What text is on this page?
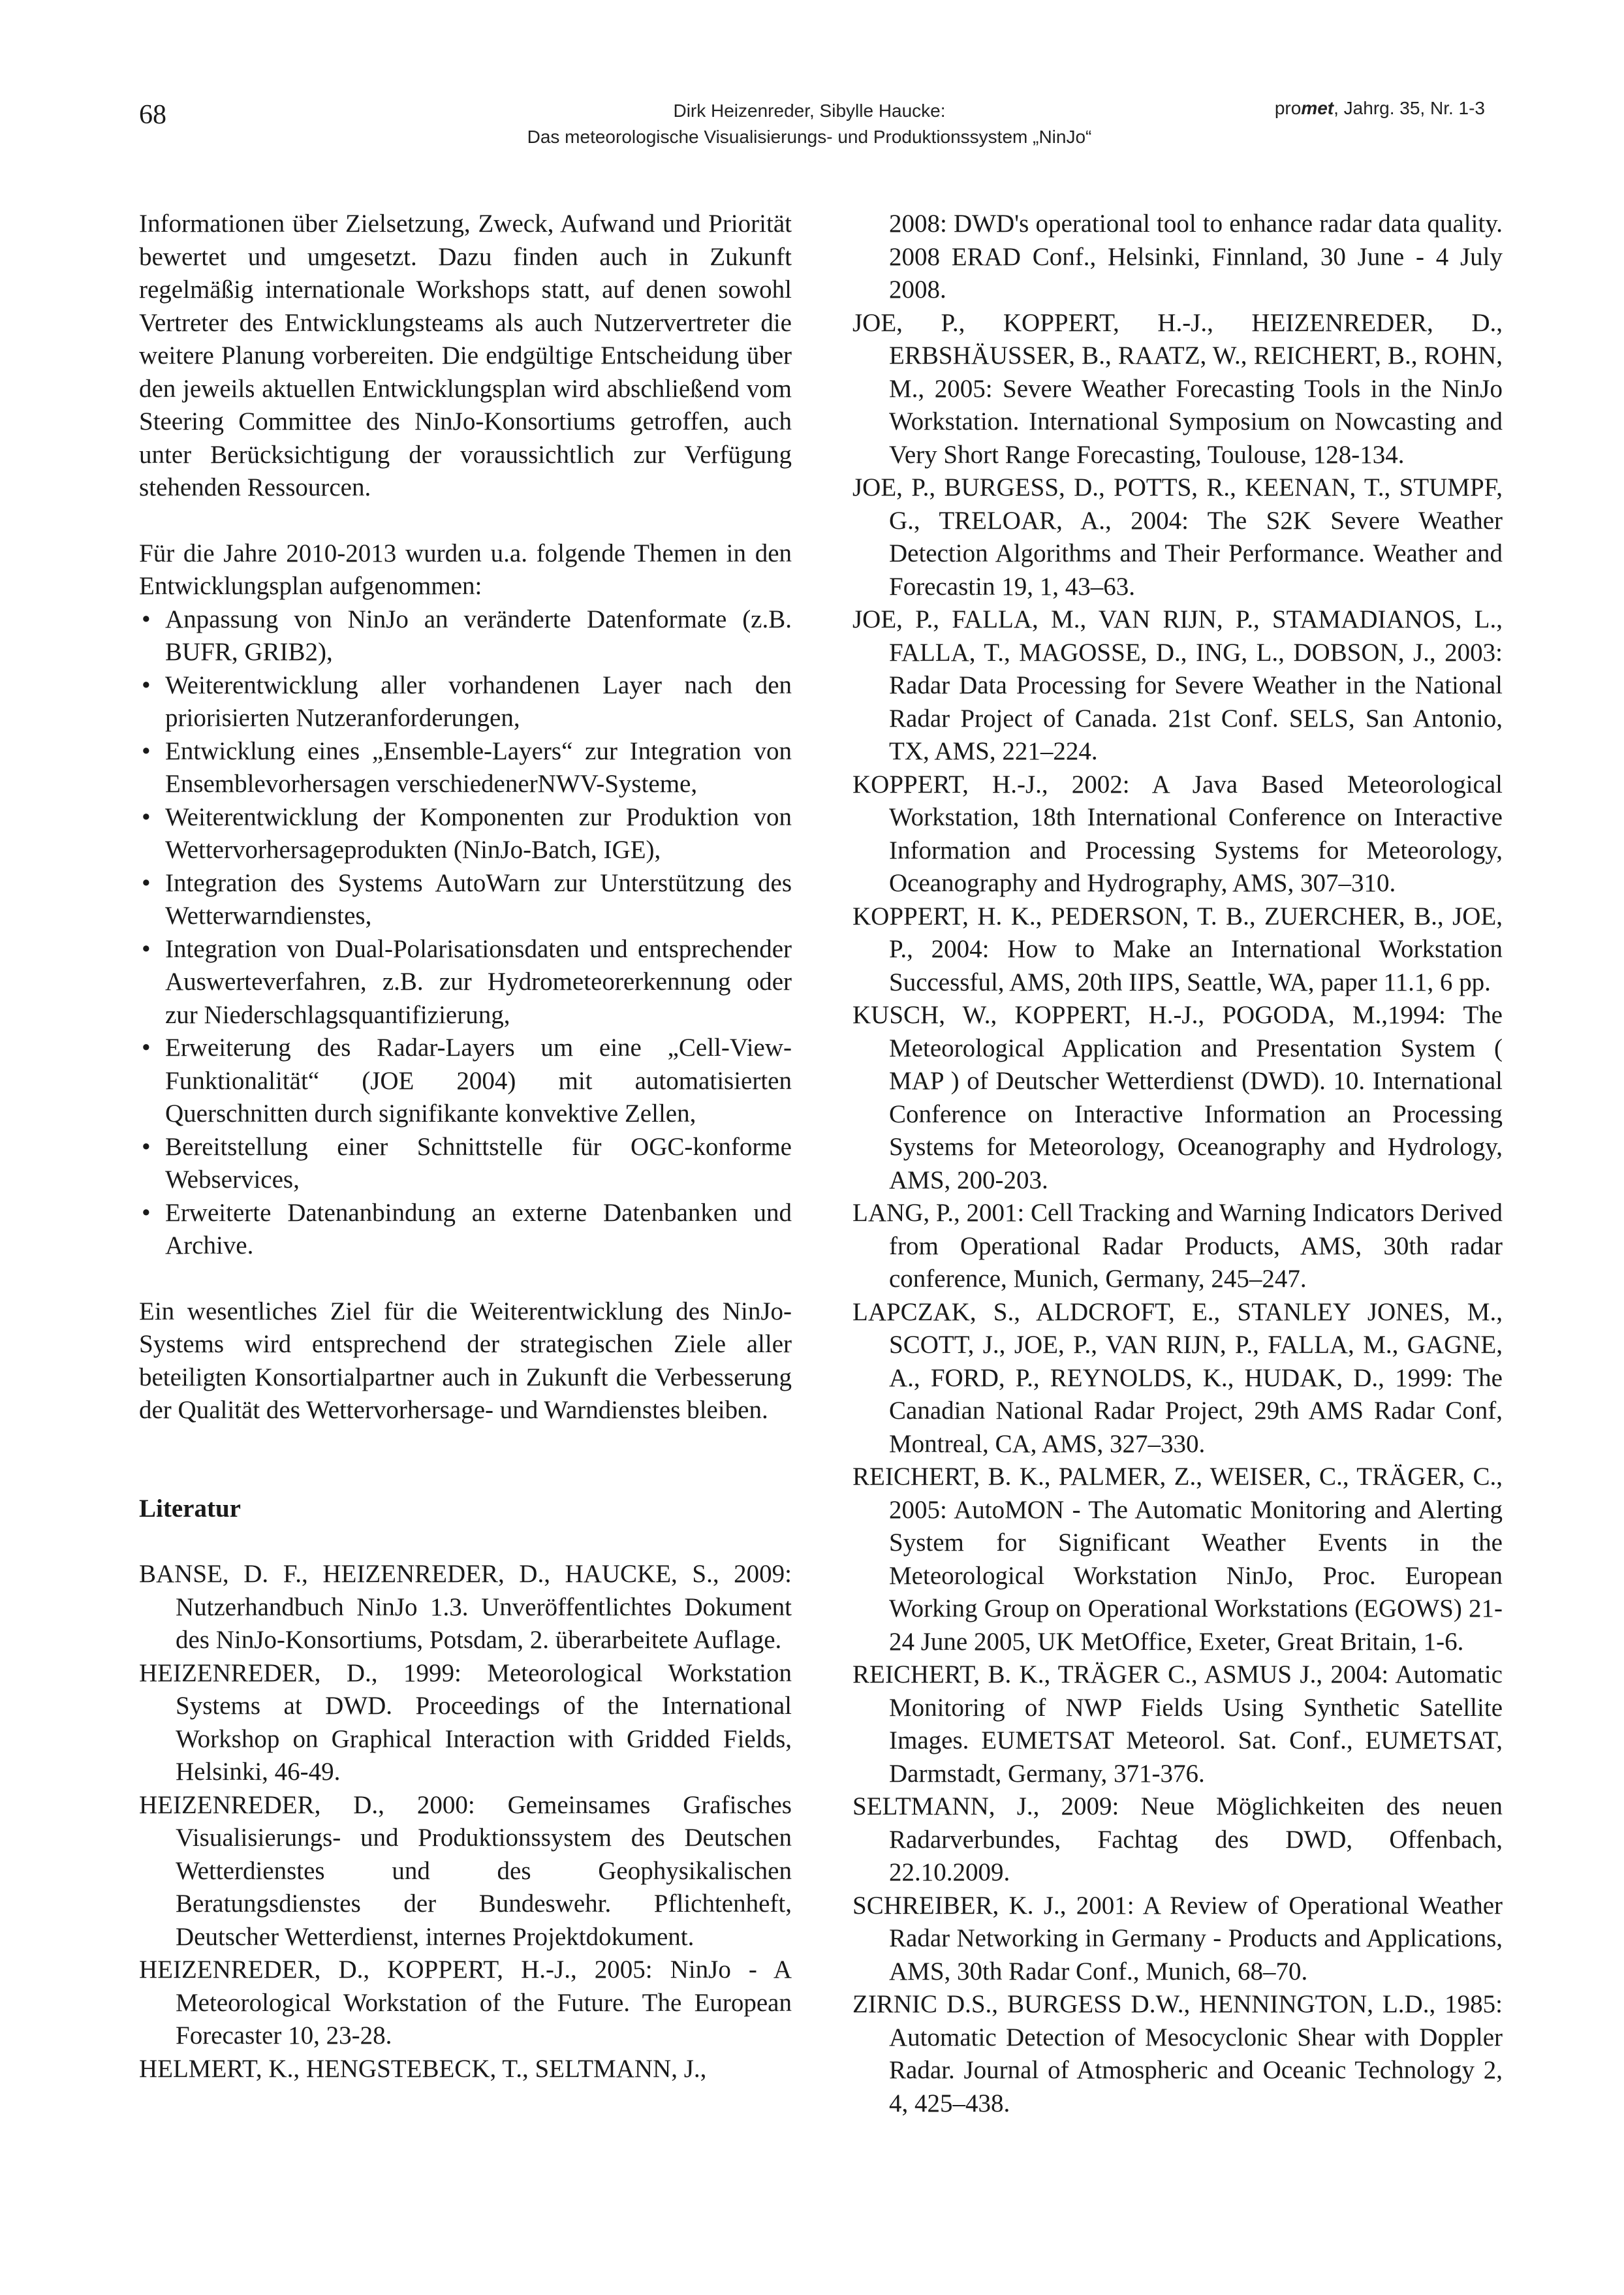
68	Dirk Heizenreder, Sibylle Haucke:
Das meteorologische Visualisierungs- und Produktionssystem „NinJo“
promet, Jahrg. 35, Nr. 1-3

Informationen über Zielsetzung, Zweck, Aufwand und Priorität bewertet und umgesetzt. Dazu finden auch in Zukunft regelmäßig internationale Workshops statt, auf denen sowohl Vertreter des Entwicklungsteams als auch Nutzervertreter die weitere Planung vorbereiten. Die endgültige Entscheidung über den jeweils aktuellen Entwicklungsplan wird abschließend vom Steering Committee des NinJo-Konsortiums getroffen, auch unter Berücksichtigung der voraussichtlich zur Verfügung stehenden Ressourcen.

Für die Jahre 2010-2013 wurden u.a. folgende Themen in den Entwicklungsplan aufgenommen:

• Anpassung von NinJo an veränderte Datenformate (z.B. BUFR, GRIB2),
• Weiterentwicklung aller vorhandenen Layer nach den priorisierten Nutzeranforderungen,
• Entwicklung eines „Ensemble-Layers“ zur Integration von Ensemblevorhersagen verschiedenerNWV-Systeme,
• Weiterentwicklung der Komponenten zur Produktion von Wettervorhersageprodukten (NinJo-Batch, IGE),
• Integration des Systems AutoWarn zur Unterstützung des Wetterwarndienstes,
• Integration von Dual-Polarisationsdaten und entsprechender Auswerteverfahren, z.B. zur Hydrometeorerkennung oder zur Niederschlagsquantifizierung,
• Erweiterung des Radar-Layers um eine „Cell-View-Funktionalität“ (JOE 2004) mit automatisierten Querschnitten durch signifikante konvektive Zellen,
• Bereitstellung einer Schnittstelle für OGC-konforme Webservices,
• Erweiterte Datenanbindung an externe Datenbanken und Archive.

Ein wesentliches Ziel für die Weiterentwicklung des NinJo-Systems wird entsprechend der strategischen Ziele aller beteiligten Konsortialpartner auch in Zukunft die Verbesserung der Qualität des Wettervorhersage- und Warndienstes bleiben.

Literatur

BANSE, D. F., HEIZENREDER, D., HAUCKE, S., 2009: Nutzerhandbuch NinJo 1.3. Unveröffentlichtes Dokument des NinJo-Konsortiums, Potsdam, 2. überarbeitete Auflage.

HEIZENREDER, D., 1999: Meteorological Workstation Systems at DWD. Proceedings of the International Workshop on Graphical Interaction with Gridded Fields, Helsinki, 46-49.

HEIZENREDER, D., 2000: Gemeinsames Grafisches Visualisierungs- und Produktionssystem des Deutschen Wetterdienstes und des Geophysikalischen Beratungsdienstes der Bundeswehr. Pflichtenheft, Deutscher Wetterdienst, internes Projektdokument.

HEIZENREDER, D., KOPPERT, H.-J., 2005: NinJo - A Meteorological Workstation of the Future. The European Forecaster 10, 23-28.

HELMERT, K., HENGSTEBECK, T., SELTMANN, J.,

2008: DWD's operational tool to enhance radar data quality. 2008 ERAD Conf., Helsinki, Finnland, 30 June - 4 July 2008.

JOE, P., KOPPERT, H.-J., HEIZENREDER, D., ERBSHÄUSSER, B., RAATZ, W., REICHERT, B., ROHN, M., 2005: Severe Weather Forecasting Tools in the NinJo Workstation. International Symposium on Nowcasting and Very Short Range Forecasting, Toulouse, 128-134.

JOE, P., BURGESS, D., POTTS, R., KEENAN, T., STUMPF, G., TRELOAR, A., 2004: The S2K Severe Weather Detection Algorithms and Their Performance. Weather and Forecastin 19, 1, 43–63.

JOE, P., FALLA, M., VAN RIJN, P., STAMADIANOS, L., FALLA, T., MAGOSSE, D., ING, L., DOBSON, J., 2003: Radar Data Processing for Severe Weather in the National Radar Project of Canada. 21st Conf. SELS, San Antonio, TX, AMS, 221–224.

KOPPERT, H.-J., 2002: A Java Based Meteorological Workstation, 18th International Conference on Interactive Information and Processing Systems for Meteorology, Oceanography and Hydrography, AMS, 307–310.

KOPPERT, H. K., PEDERSON, T. B., ZUERCHER, B., JOE, P., 2004: How to Make an International Workstation Successful, AMS, 20th IIPS, Seattle, WA, paper 11.1, 6 pp.

KUSCH, W., KOPPERT, H.-J., POGODA, M.,1994: The Meteorological Application and Presentation System ( MAP ) of Deutscher Wetterdienst (DWD). 10. International Conference on Interactive Information an Processing Systems for Meteorology, Oceanography and Hydrology, AMS, 200-203.

LANG, P., 2001: Cell Tracking and Warning Indicators Derived from Operational Radar Products, AMS, 30th radar conference, Munich, Germany, 245–247.

LAPCZAK, S., ALDCROFT, E., STANLEY JONES, M., SCOTT, J., JOE, P., VAN RIJN, P., FALLA, M., GAGNE, A., FORD, P., REYNOLDS, K., HUDAK, D., 1999: The Canadian National Radar Project, 29th AMS Radar Conf, Montreal, CA, AMS, 327–330.

REICHERT, B. K., PALMER, Z., WEISER, C., TRÄGER, C., 2005: AutoMON - The Automatic Monitoring and Alerting System for Significant Weather Events in the Meteorological Workstation NinJo, Proc. European Working Group on Operational Workstations (EGOWS) 21-24 June 2005, UK MetOffice, Exeter, Great Britain, 1-6.

REICHERT, B. K., TRÄGER C., ASMUS J., 2004: Automatic Monitoring of NWP Fields Using Synthetic Satellite Images. EUMETSAT Meteorol. Sat. Conf., EUMETSAT, Darmstadt, Germany, 371-376.

SELTMANN, J., 2009: Neue Möglichkeiten des neuen Radarverbundes, Fachtag des DWD, Offenbach, 22.10.2009.

SCHREIBER, K. J., 2001: A Review of Operational Weather Radar Networking in Germany - Products and Applications, AMS, 30th Radar Conf., Munich, 68–70.

ZIRNIC D.S., BURGESS D.W., HENNINGTON, L.D., 1985: Automatic Detection of Mesocyclonic Shear with Doppler Radar. Journal of Atmospheric and Oceanic Technology 2, 4, 425–438.
